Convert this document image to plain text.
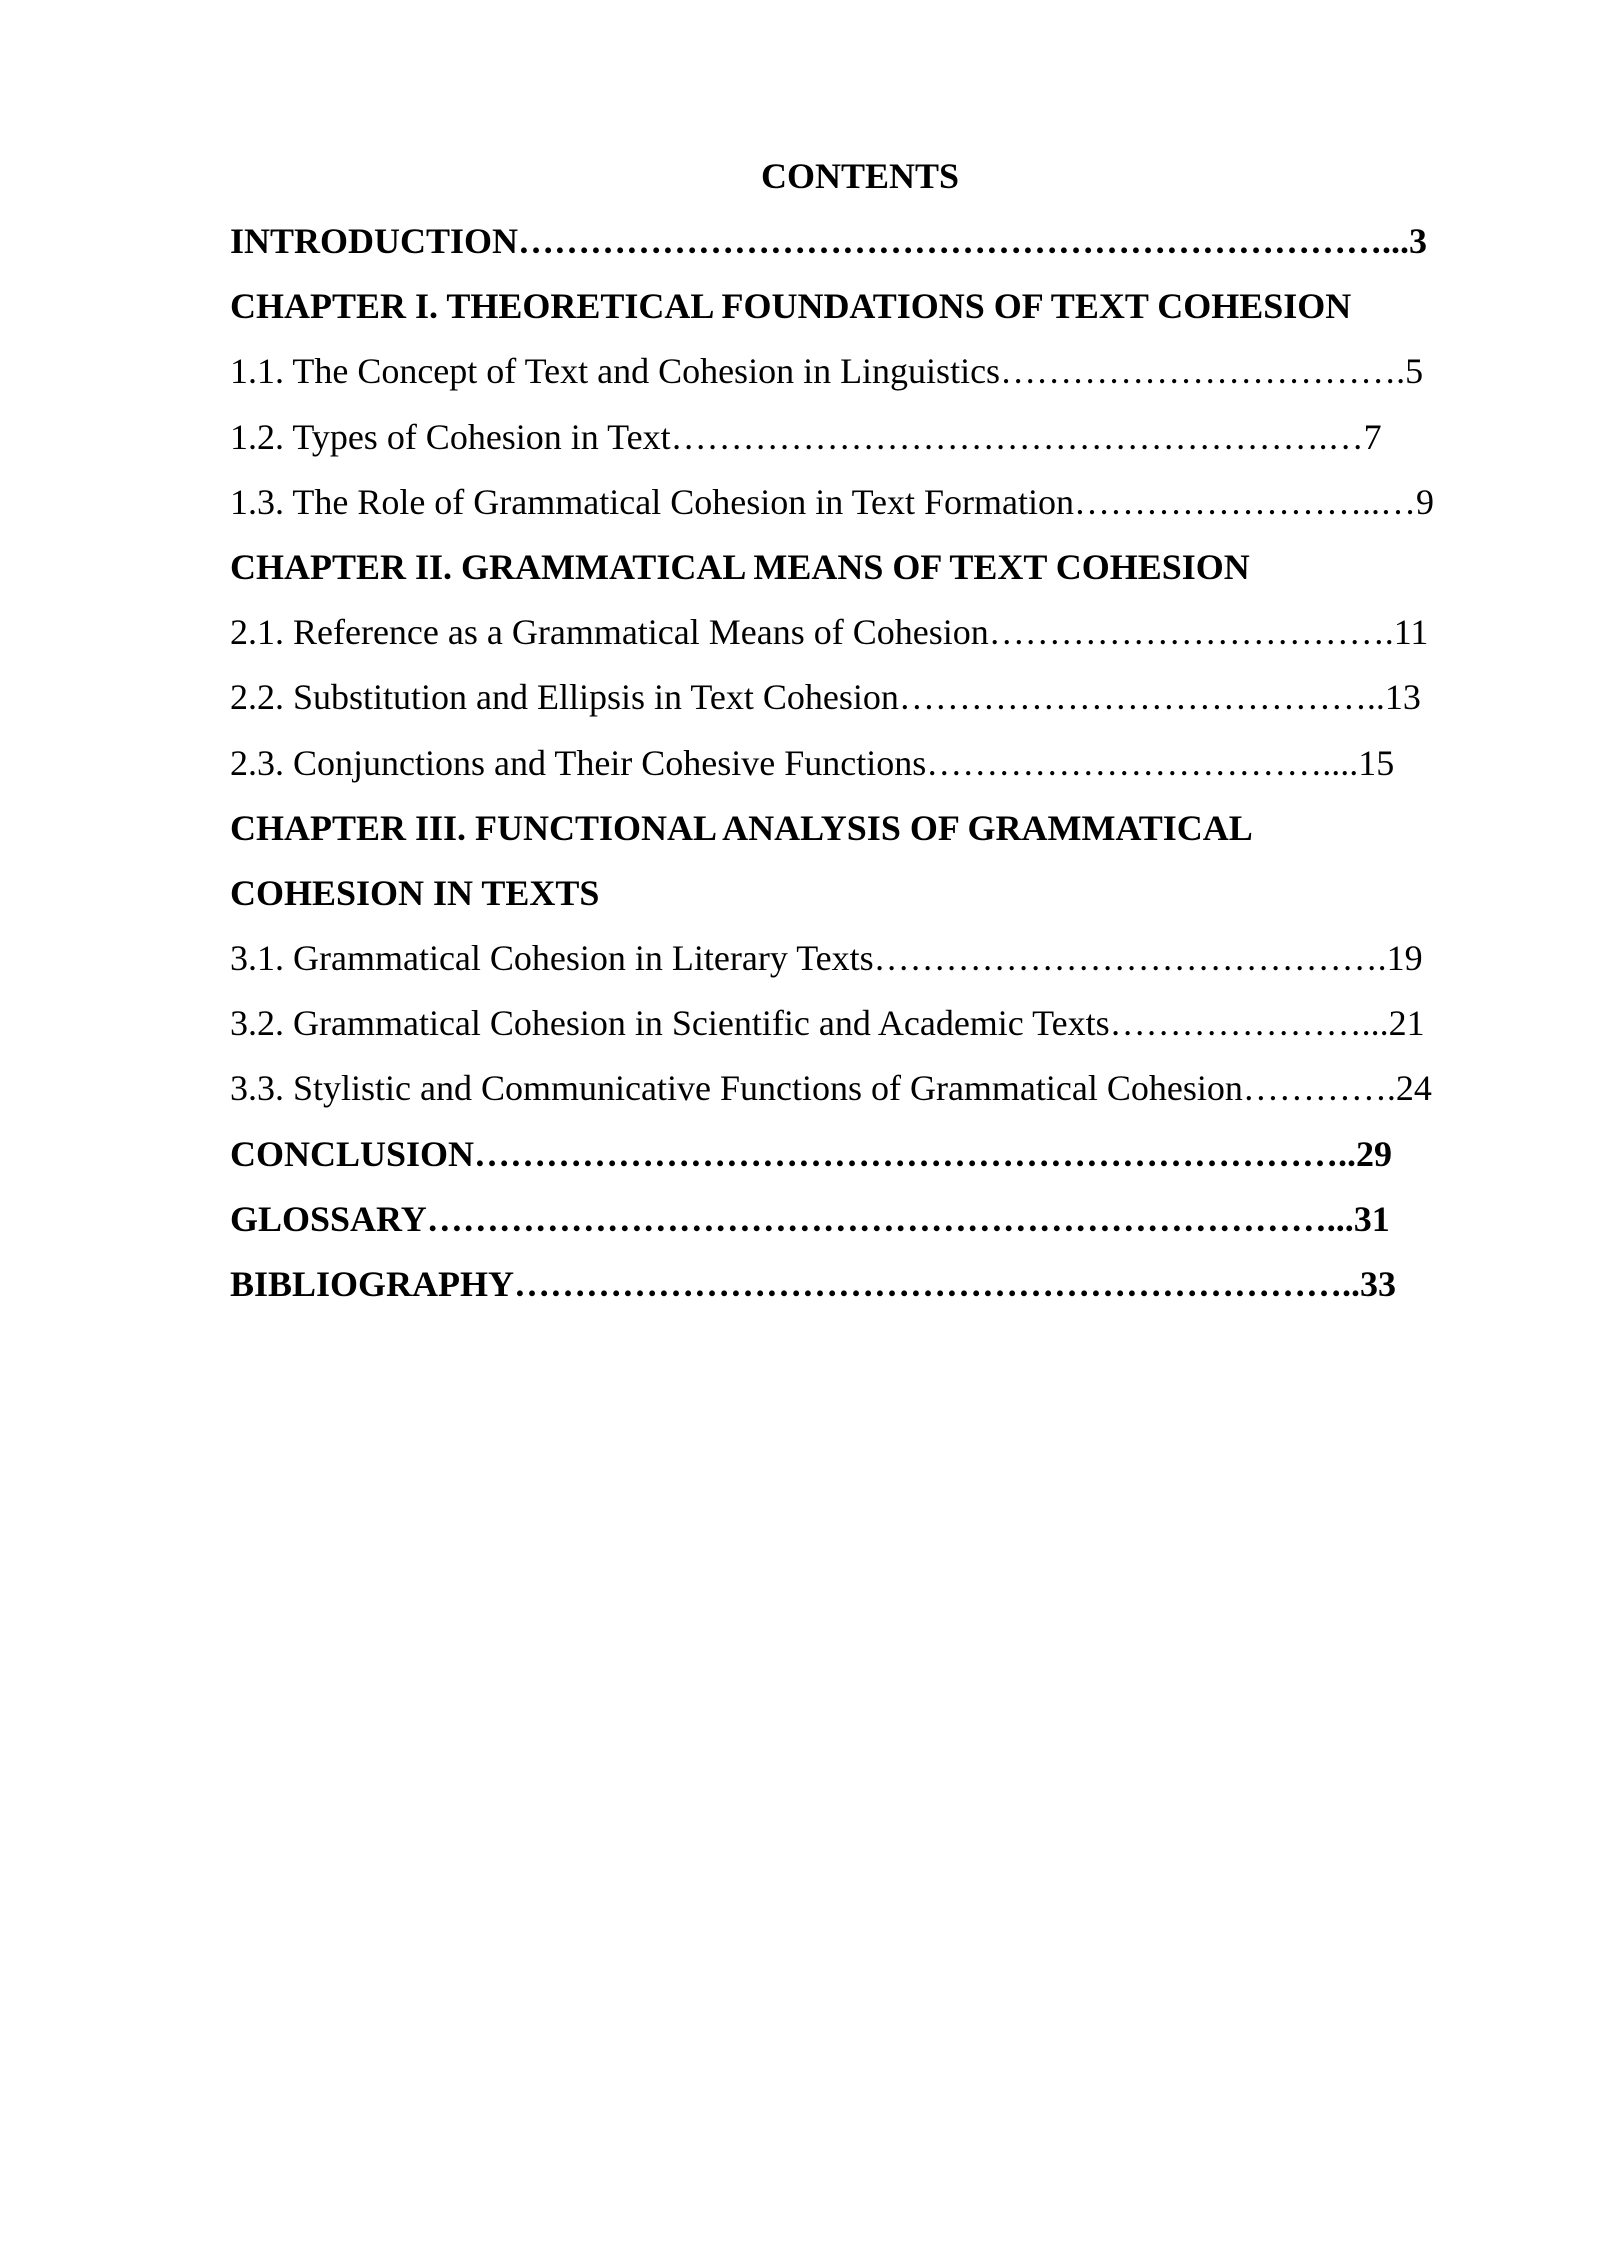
CONTENTS
INTRODUCTION………………………………………………………………...3
CHAPTER I. THEORETICAL FOUNDATIONS OF TEXT COHESION
1.1. The Concept of Text and Cohesion in Linguistics…………………………….5
1.2. Types of Cohesion in Text……………………………………………….…7
1.3. The Role of Grammatical Cohesion in Text Formation……………………..…9
CHAPTER II. GRAMMATICAL MEANS OF TEXT COHESION
2.1. Reference as a Grammatical Means of Cohesion…………………………….11
2.2. Substitution and Ellipsis in Text Cohesion…………………………………..13
2.3. Conjunctions and Their Cohesive Functions……………………………....15
CHAPTER III. FUNCTIONAL ANALYSIS OF GRAMMATICAL
COHESION IN TEXTS
3.1. Grammatical Cohesion in Literary Texts…………………………………….19
3.2. Grammatical Cohesion in Scientific and Academic Texts…………………...21
3.3. Stylistic and Communicative Functions of Grammatical Cohesion………….24
CONCLUSION………………………………………………………………..29
GLOSSARY…………………………………………………………………...31
BIBLIOGRAPHY……………………………………………………………..33
